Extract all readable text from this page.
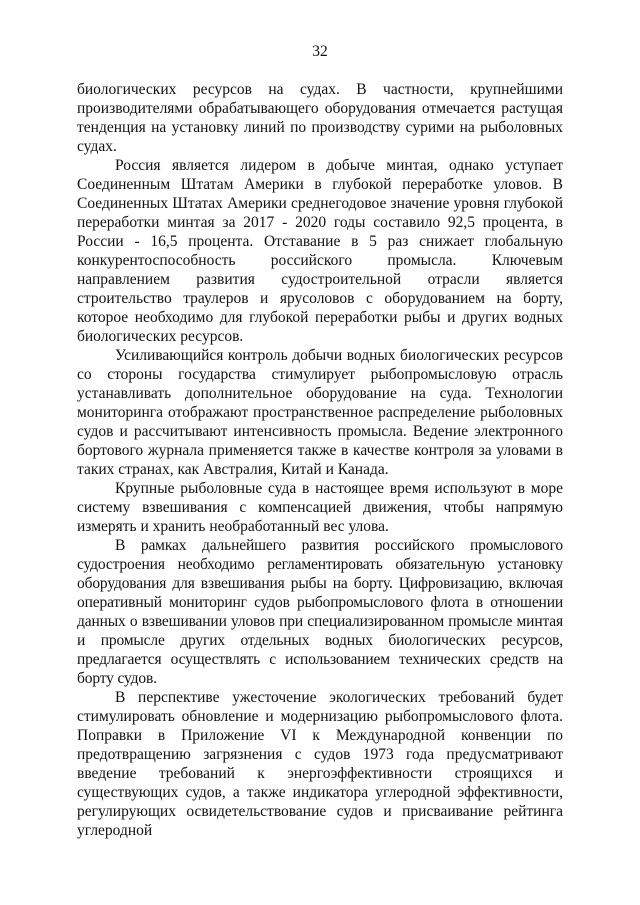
32

биологических ресурсов на судах. В частности, крупнейшими производителями обрабатывающего оборудования отмечается растущая тенденция на установку линий по производству сурими на рыболовных судах.

Россия является лидером в добыче минтая, однако уступает Соединенным Штатам Америки в глубокой переработке уловов. В Соединенных Штатах Америки среднегодовое значение уровня глубокой переработки минтая за 2017 - 2020 годы составило 92,5 процента, в России - 16,5 процента. Отставание в 5 раз снижает глобальную конкурентоспособность российского промысла. Ключевым направлением развития судостроительной отрасли является строительство траулеров и ярусоловов с оборудованием на борту, которое необходимо для глубокой переработки рыбы и других водных биологических ресурсов.

Усиливающийся контроль добычи водных биологических ресурсов со стороны государства стимулирует рыбопромысловую отрасль устанавливать дополнительное оборудование на суда. Технологии мониторинга отображают пространственное распределение рыболовных судов и рассчитывают интенсивность промысла. Ведение электронного бортового журнала применяется также в качестве контроля за уловами в таких странах, как Австралия, Китай и Канада.

Крупные рыболовные суда в настоящее время используют в море систему взвешивания с компенсацией движения, чтобы напрямую измерять и хранить необработанный вес улова.

В рамках дальнейшего развития российского промыслового судостроения необходимо регламентировать обязательную установку оборудования для взвешивания рыбы на борту. Цифровизацию, включая оперативный мониторинг судов рыбопромыслового флота в отношении данных о взвешивании уловов при специализированном промысле минтая и промысле других отдельных водных биологических ресурсов, предлагается осуществлять с использованием технических средств на борту судов.

В перспективе ужесточение экологических требований будет стимулировать обновление и модернизацию рыбопромыслового флота. Поправки в Приложение VI к Международной конвенции по предотвращению загрязнения с судов 1973 года предусматривают введение требований к энергоэффективности строящихся и существующих судов, а также индикатора углеродной эффективности, регулирующих освидетельствование судов и присваивание рейтинга углеродной
